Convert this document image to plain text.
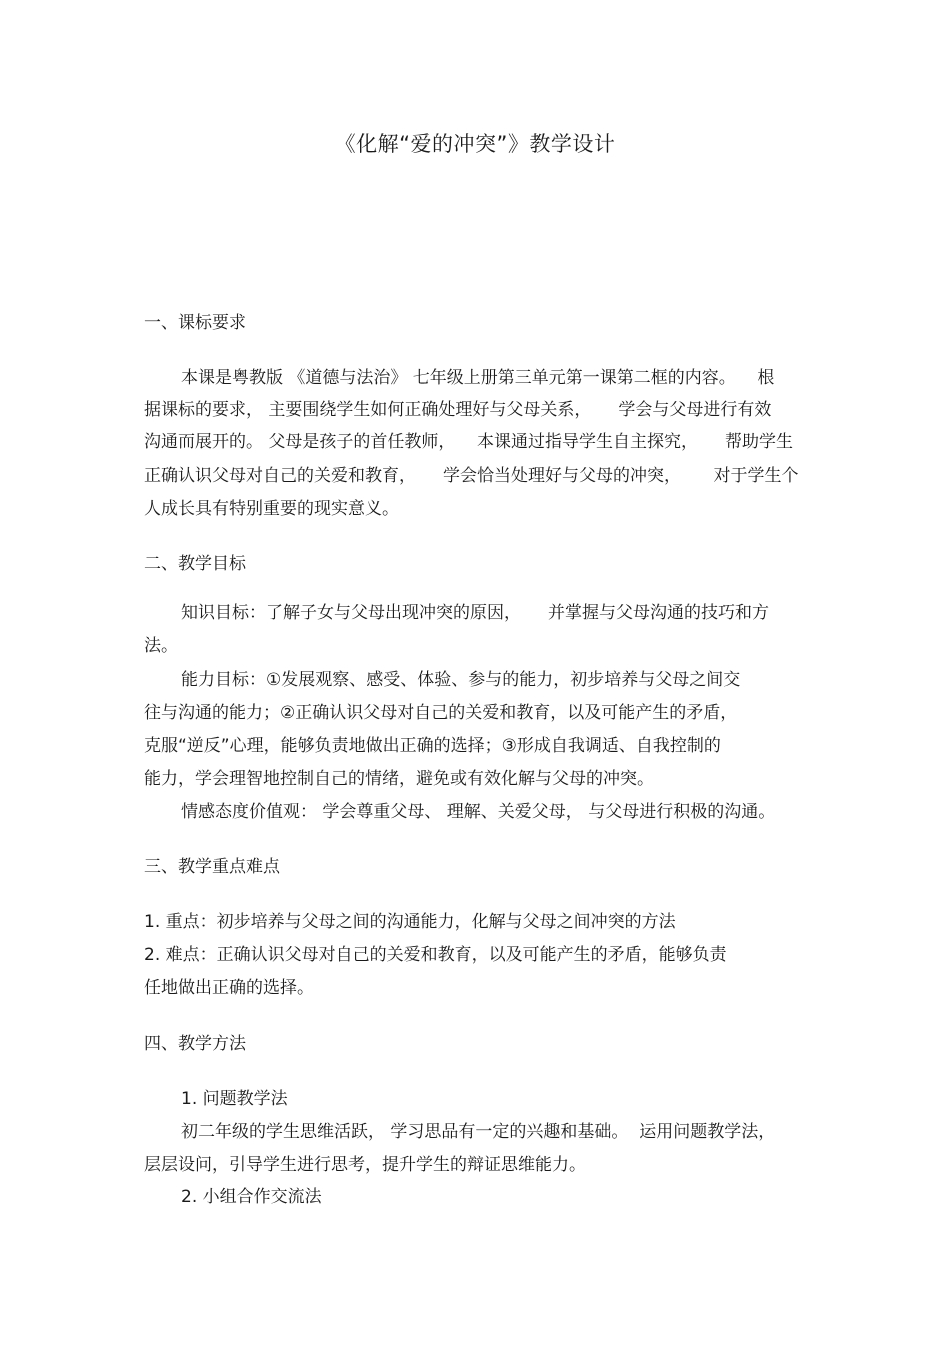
《化解“爱的冲突”》教学设计
一、课标要求
本课是粤教版 《道德与法治》 七年级上册第三单元第一课第二框的内容。    根
据课标的要求， 主要围绕学生如何正确处理好与父母关系，     学会与父母进行有效
沟通而展开的。 父母是孩子的首任教师，    本课通过指导学生自主探究，     帮助学生
正确认识父母对自己的关爱和教育，     学会恰当处理好与父母的冲突，      对于学生个
人成长具有特别重要的现实意义。
二、教学目标
知识目标：了解子女与父母出现冲突的原因，     并掌握与父母沟通的技巧和方
法。
能力目标：①发展观察、感受、体验、参与的能力，初步培养与父母之间交
往与沟通的能力；②正确认识父母对自己的关爱和教育，以及可能产生的矛盾，
克服“逆反”心理，能够负责地做出正确的选择；③形成自我调适、自我控制的
能力，学会理智地控制自己的情绪，避免或有效化解与父母的冲突。
情感态度价值观： 学会尊重父母、 理解、关爱父母， 与父母进行积极的沟通。
三、教学重点难点
1. 重点：初步培养与父母之间的沟通能力，化解与父母之间冲突的方法
2. 难点：正确认识父母对自己的关爱和教育，以及可能产生的矛盾，能够负责
任地做出正确的选择。
四、教学方法
1. 问题教学法
初二年级的学生思维活跃， 学习思品有一定的兴趣和基础。  运用问题教学法，
层层设问，引导学生进行思考，提升学生的辩证思维能力。
2. 小组合作交流法
